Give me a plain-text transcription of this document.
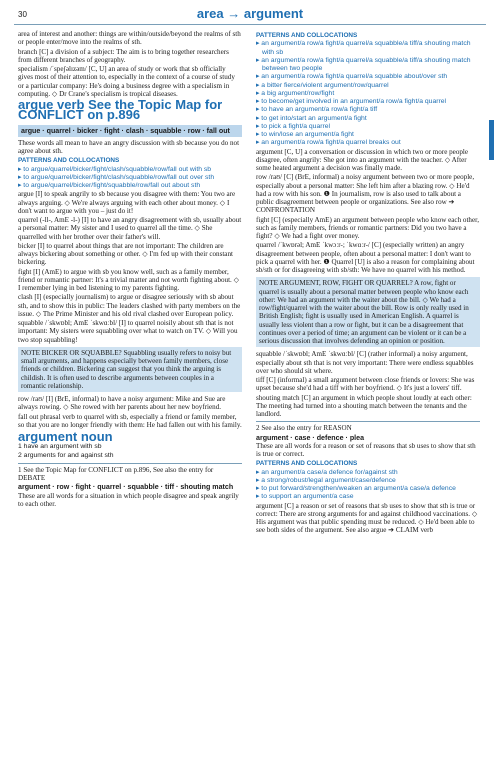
30	area → argument
area of interest and another: things are within/outside/beyond the realms of sth or people enter/move into the realms of sth.
branch [C] a division of a subject: The aim is to bring together researchers from different branches of geography.
specialism /ˈspeʃəlɪzəm/ [C, U] an area of study or work that sb officially gives most of their attention to, especially in the context of a course of study or a particular company: He's doing a business degree with a specialism in computing. ◇ Dr Crane's specialism is tropical diseases.
argue verb See the Topic Map for CONFLICT on p.896
argue · quarrel · bicker · fight · clash · squabble · row · fall out
These words all mean to have an angry discussion with sb because you do not agree about sth.
PATTERNS AND COLLOCATIONS
▸ to argue/quarrel/bicker/fight/clash/squabble/row/fall out with sb
▸ to argue/quarrel/bicker/fight/clash/squabble/row/fall out over sth
▸ to argue/quarrel/bicker/fight/squabble/row/fall out about sth
argue [I] to speak angrily to sb because you disagree with them: You two are always arguing. ◇ We're always arguing with each other about money. ◇ I don't want to argue with you – just do it!
quarrel (-ll-, AmE -l-) [I] to have an angry disagreement with sb, usually about a personal matter: My sister and I used to quarrel all the time. ◇ She quarrelled with her brother over their father's will.
bicker [I] to quarrel about things that are not important: The children are always bickering about something or other. ◇ I'm fed up with their constant bickering.
fight [I] (AmE) to argue with sb you know well, such as a family member, friend or romantic partner: It's a trivial matter and not worth fighting about. ◇ I remember lying in bed listening to my parents fighting.
clash [I] (especially journalism) to argue or disagree seriously with sb about sth, and to show this in public: The leaders clashed with party members on the issue. ◇ The Prime Minister and his old rival clashed over European policy.
squabble /ˈskwɒbl; AmE ˈskwɑːbl/ [I] to quarrel noisily about sth that is not important: My sisters were squabbling over what to watch on TV. ◇ Will you two stop squabbling!
NOTE BICKER OR SQUABBLE? Squabbling usually refers to noisy but small arguments, and happens especially between family members, close friends or children. Bickering can suggest that you think the arguing is childish. It is often used to describe arguments between couples in a romantic relationship.
row /raʊ/ [I] (BrE, informal) to have a noisy argument: Mike and Sue are always rowing. ◇ She rowed with her parents about her new boyfriend.
fall out phrasal verb to quarrel with sb, especially a friend or family member, so that you are no longer friendly with them: He had fallen out with his family.
argument noun
1 have an argument with sb
2 arguments for and against sth
1 See the Topic Map for CONFLICT on p.896, See also the entry for DEBATE
argument · row · fight · quarrel · squabble · tiff · shouting match
These are all words for a situation in which people disagree and speak angrily to each other.
PATTERNS AND COLLOCATIONS
▸ an argument/a row/a fight/a quarrel/a squabble/a tiff/a shouting match with sb
▸ an argument/a row/a fight/a quarrel/a squabble/a tiff/a shouting match between two people
▸ an argument/a row/a fight/a quarrel/a squabble about/over sth
▸ a bitter fierce/violent argument/row/quarrel
▸ a big argument/row/fight
▸ to become/get involved in an argument/a row/a fight/a quarrel
▸ to have an argument/a row/a fight/a tiff
▸ to get into/start an argument/a fight
▸ to pick a fight/a quarrel
▸ to win/lose an argument/a fight
▸ an argument/a row/a fight/a quarrel breaks out
argument [C, U] a conversation or discussion in which two or more people disagree, often angrily: She got into an argument with the teacher. ◇ After some heated argument a decision was finally made.
row /raʊ/ [C] (BrE, informal) a noisy argument between two or more people, especially about a personal matter: She left him after a blazing row. ◇ He'd had a row with his son. ❶ In journalism, row is also used to talk about a public disagreement between people or organizations. See also row ➔ CONFRONTATION
fight [C] (especially AmE) an argument between people who know each other, such as family members, friends or romantic partners: Did you two have a fight? ◇ We had a fight over money.
quarrel /ˈkwɒrəl; AmE ˈkwɔːr-; ˈkwɑːr-/ [C] (especially written) an angry disagreement between people, often about a personal matter: I don't want to pick a quarrel with her. ❶ Quarrel [U] is also a reason for complaining about sb/sth or for disagreeing with sb/sth: We have no quarrel with his method.
NOTE ARGUMENT, ROW, FIGHT OR QUARREL? A row, fight or quarrel is usually about a personal matter between people who know each other: We had an argument with the waiter about the bill. ◇ We had a row/fight/quarrel with the waiter about the bill. Row is only really used in British English; fight is usually used in American English. A quarrel is usually less violent than a row or fight, but it can be a disagreement that continues over a period of time; an argument can be violent or it can be a serious discussion that involves defending an opinion or position.
squabble /ˈskwɒbl; AmE ˈskwɑːbl/ [C] (rather informal) a noisy argument, especially about sth that is not very important: There were endless squabbles over who should sit where.
tiff [C] (informal) a small argument between close friends or lovers: She was upset because she'd had a tiff with her boyfriend. ◇ It's just a lovers' tiff.
shouting match [C] an argument in which people shout loudly at each other: The meeting had turned into a shouting match between the tenants and the landlord.
2 See also the entry for REASON
argument · case · defence · plea
These are all words for a reason or set of reasons that sb uses to show that sth is true or correct.
PATTERNS AND COLLOCATIONS
▸ an argument/a case/a defence for/against sth
▸ a strong/robust/legal argument/case/defence
▸ to put forward/strengthen/weaken an argument/a case/a defence
▸ to support an argument/a case
argument [C] a reason or set of reasons that sb uses to show that sth is true or correct: There are strong arguments for and against childhood vaccinations. ◇ His argument was that public spending must be reduced. ◇ He'd been able to see both sides of the argument. See also argue ➔ CLAIM verb
